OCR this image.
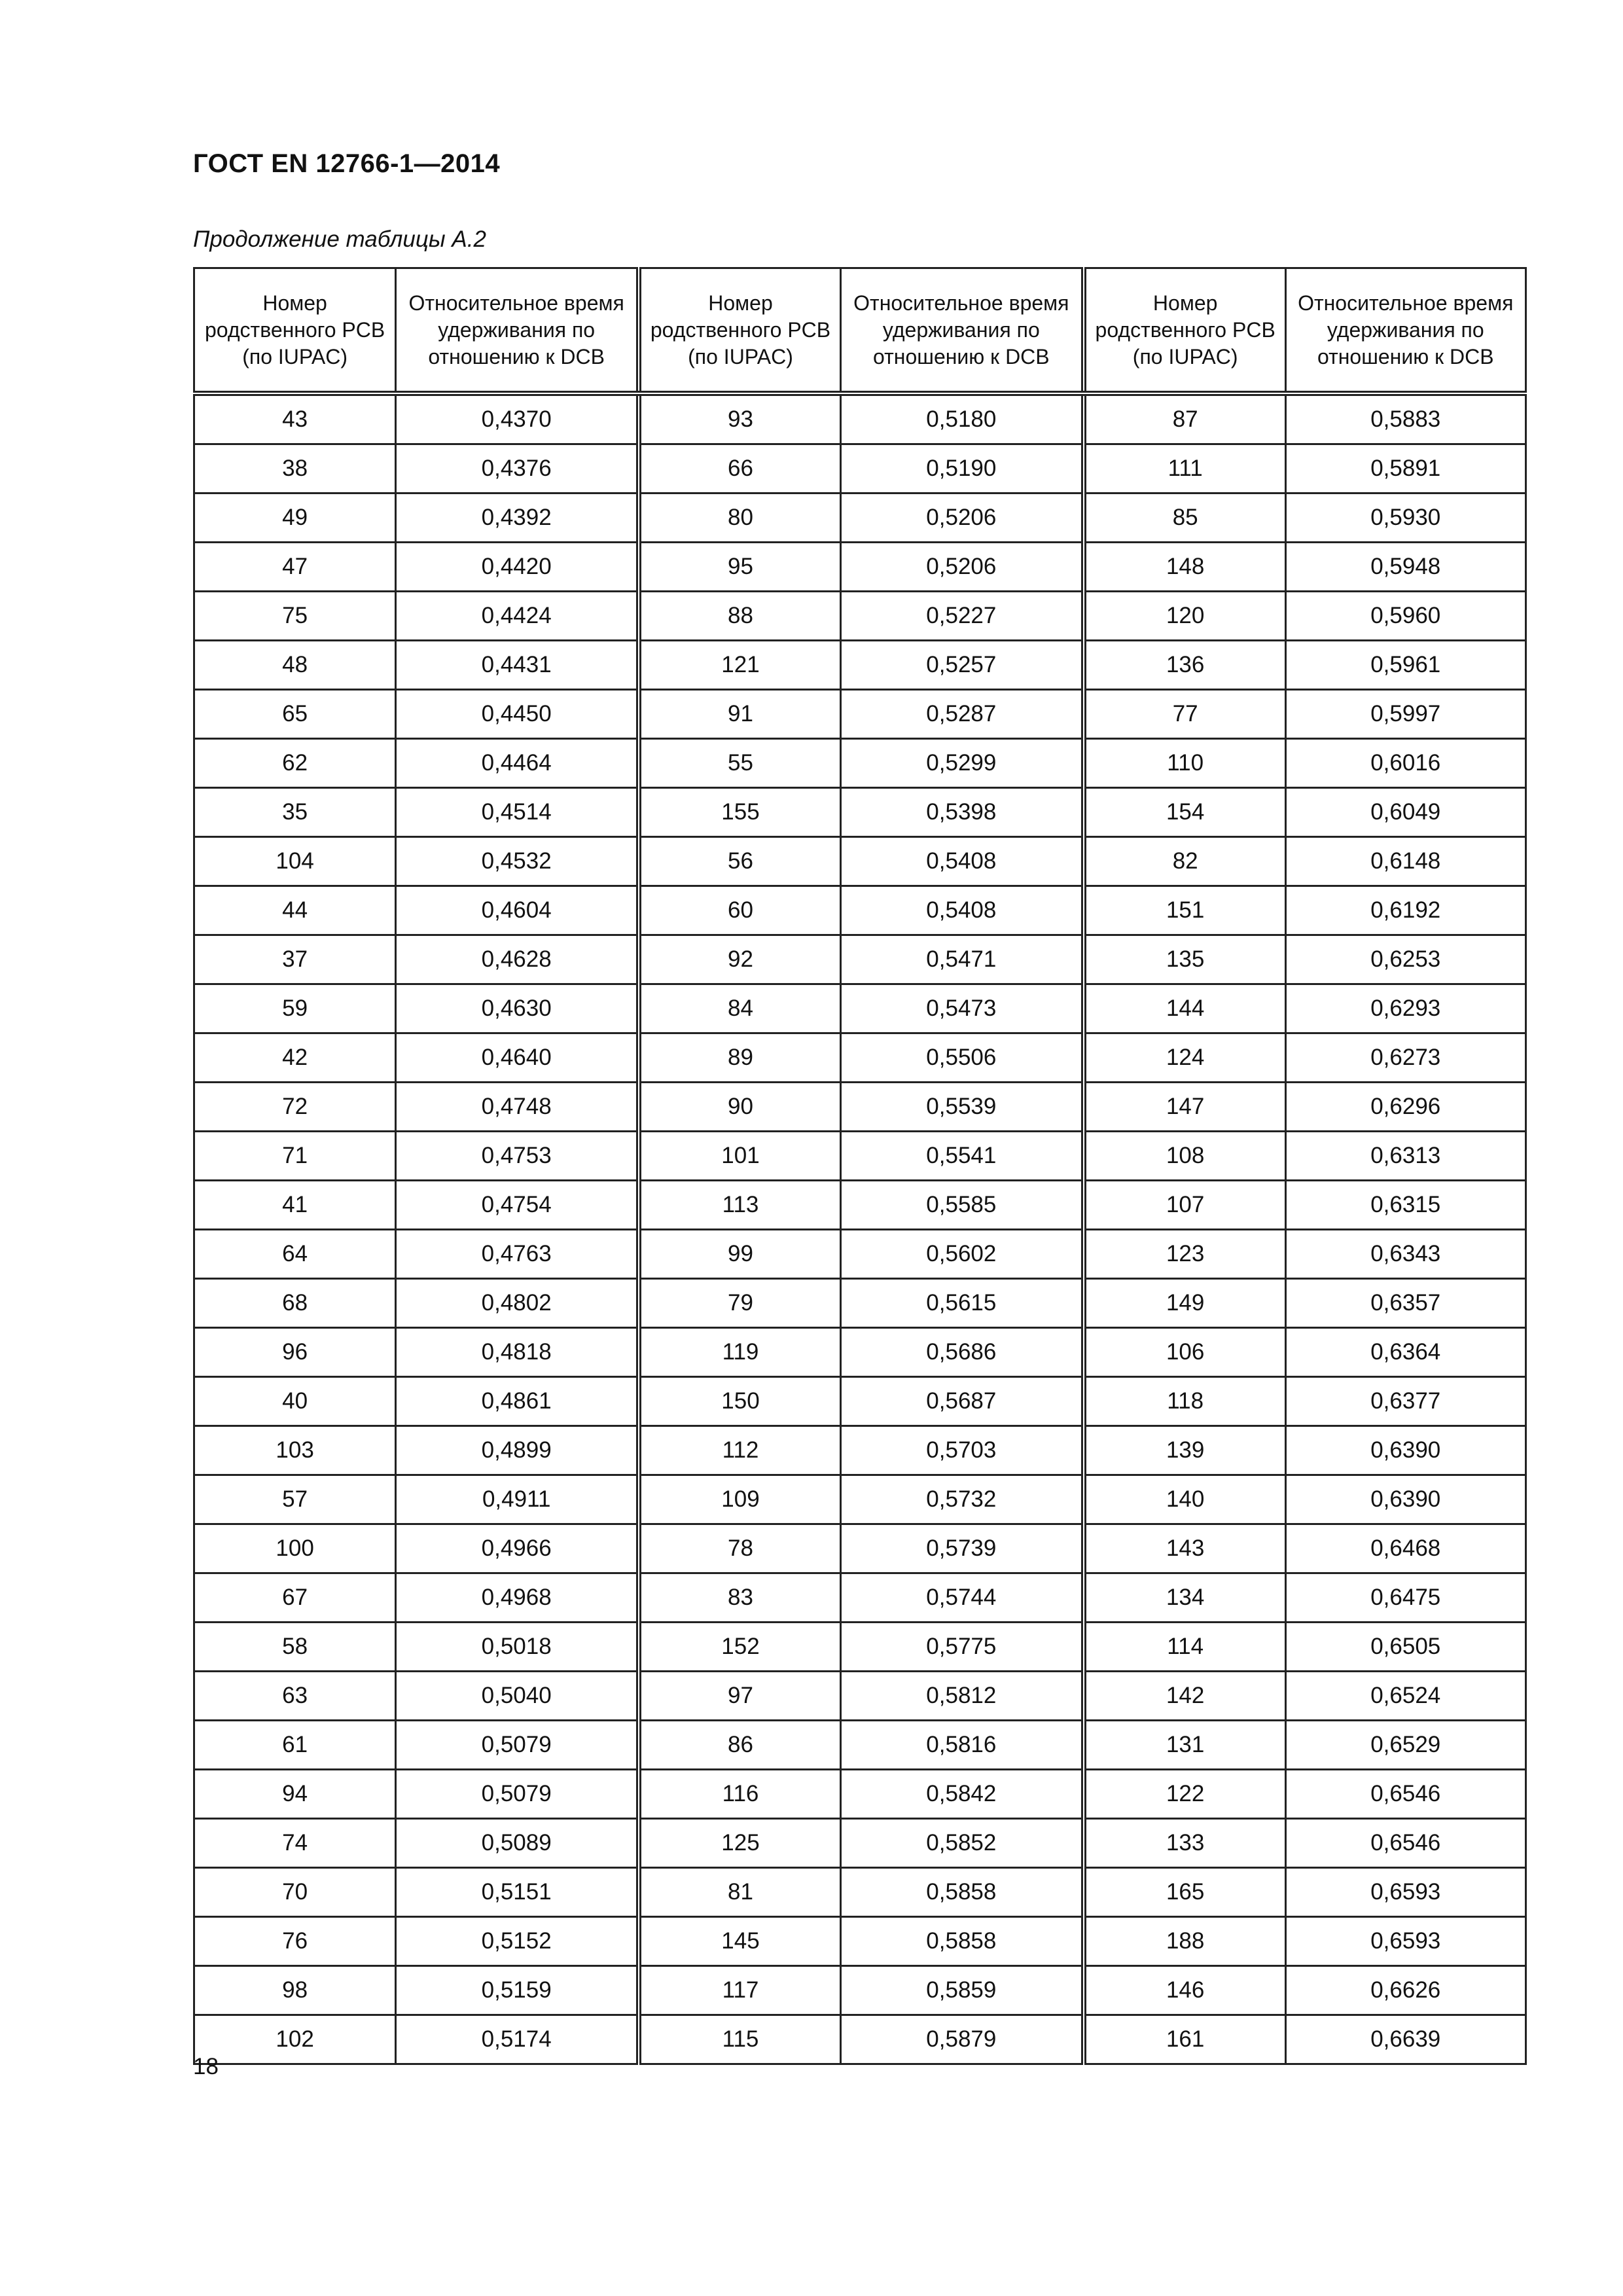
ГОСТ EN 12766-1—2014
Продолжение таблицы А.2
Номер родственного PCB (по IUPAC)	Относительное время удерживания по отношению к DCB	Номер родственного PCB (по IUPAC)	Относительное время удерживания по отношению к DCB	Номер родственного PCB (по IUPAC)	Относительное время удерживания по отношению к DCB
43	0,4370	93	0,5180	87	0,5883
38	0,4376	66	0,5190	111	0,5891
49	0,4392	80	0,5206	85	0,5930
47	0,4420	95	0,5206	148	0,5948
75	0,4424	88	0,5227	120	0,5960
48	0,4431	121	0,5257	136	0,5961
65	0,4450	91	0,5287	77	0,5997
62	0,4464	55	0,5299	110	0,6016
35	0,4514	155	0,5398	154	0,6049
104	0,4532	56	0,5408	82	0,6148
44	0,4604	60	0,5408	151	0,6192
37	0,4628	92	0,5471	135	0,6253
59	0,4630	84	0,5473	144	0,6293
42	0,4640	89	0,5506	124	0,6273
72	0,4748	90	0,5539	147	0,6296
71	0,4753	101	0,5541	108	0,6313
41	0,4754	113	0,5585	107	0,6315
64	0,4763	99	0,5602	123	0,6343
68	0,4802	79	0,5615	149	0,6357
96	0,4818	119	0,5686	106	0,6364
40	0,4861	150	0,5687	118	0,6377
103	0,4899	112	0,5703	139	0,6390
57	0,4911	109	0,5732	140	0,6390
100	0,4966	78	0,5739	143	0,6468
67	0,4968	83	0,5744	134	0,6475
58	0,5018	152	0,5775	114	0,6505
63	0,5040	97	0,5812	142	0,6524
61	0,5079	86	0,5816	131	0,6529
94	0,5079	116	0,5842	122	0,6546
74	0,5089	125	0,5852	133	0,6546
70	0,5151	81	0,5858	165	0,6593
76	0,5152	145	0,5858	188	0,6593
98	0,5159	117	0,5859	146	0,6626
102	0,5174	115	0,5879	161	0,6639
18
